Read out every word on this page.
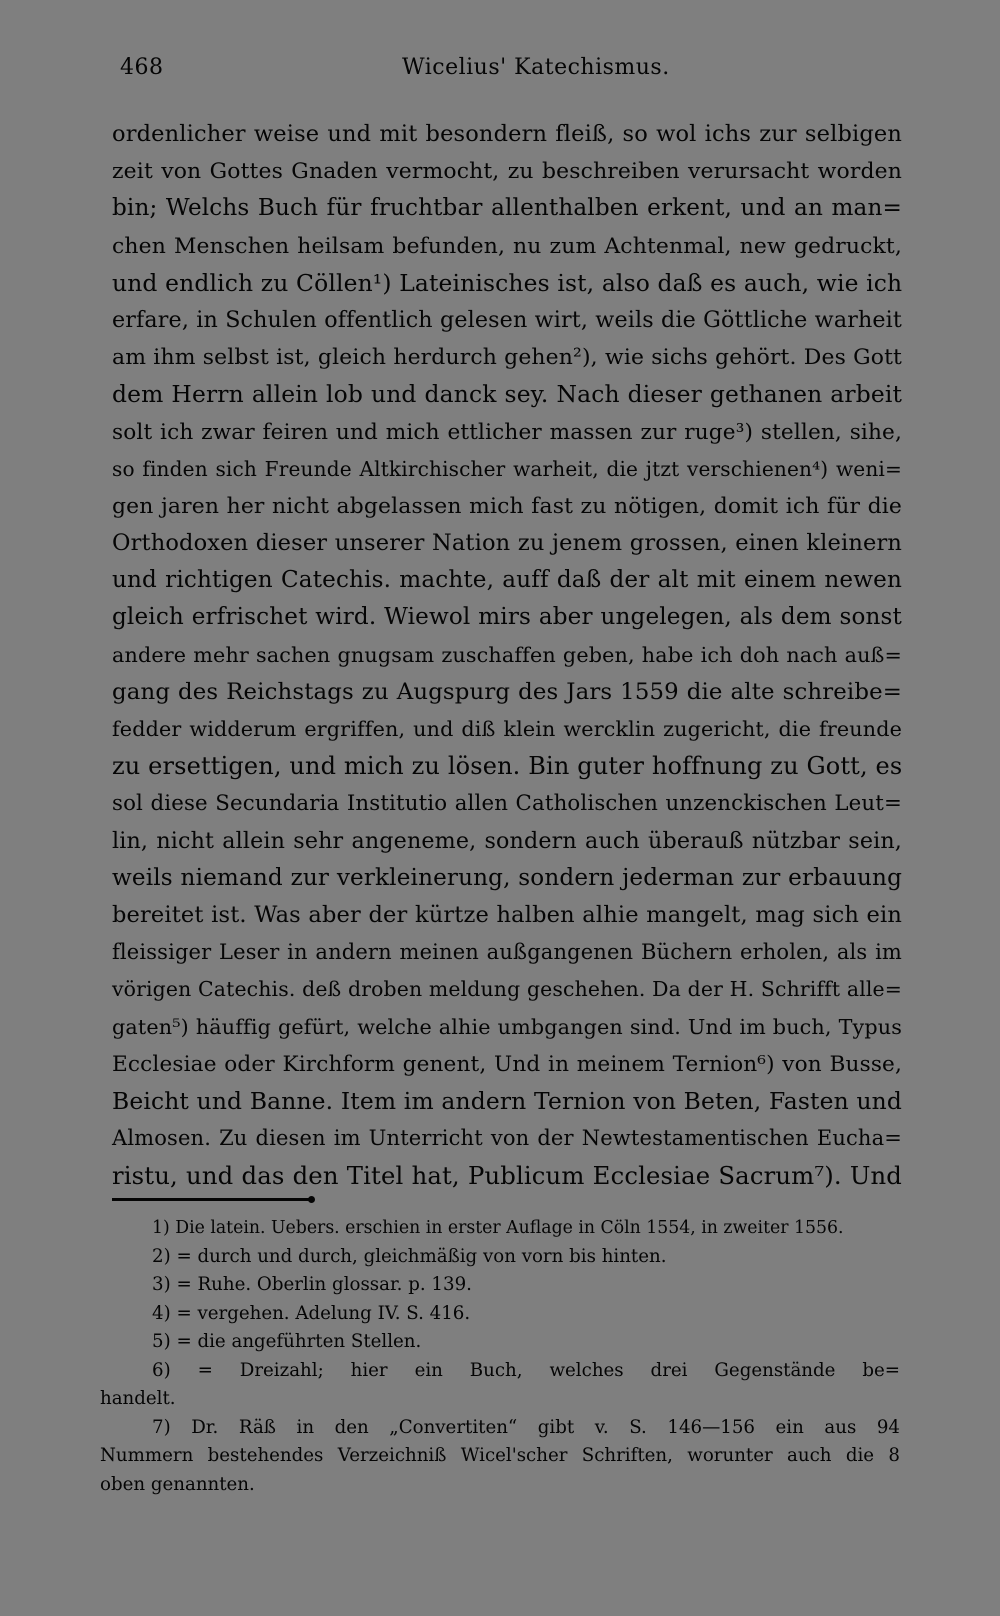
468	Wicelius' Katechismus.
ordenlicher weise und mit besondern fleiß, so wol ichs zur selbigen
zeit von Gottes Gnaden vermocht, zu beschreiben verursacht worden
bin; Welchs Buch für fruchtbar allenthalben erkent, und an man=
chen Menschen heilsam befunden, nu zum Achtenmal, new gedruckt,
und endlich zu Cöllen¹) Lateinisches ist, also daß es auch, wie ich
erfare, in Schulen offentlich gelesen wirt, weils die Göttliche warheit
am ihm selbst ist, gleich herdurch gehen²), wie sichs gehört. Des Gott
dem Herrn allein lob und danck sey. Nach dieser gethanen arbeit
solt ich zwar feiren und mich ettlicher massen zur ruge³) stellen, sihe,
so finden sich Freunde Altkirchischer warheit, die jtzt verschienen⁴) weni=
gen jaren her nicht abgelassen mich fast zu nötigen, domit ich für die
Orthodoxen dieser unserer Nation zu jenem grossen, einen kleinern
und richtigen Catechis. machte, auff daß der alt mit einem newen
gleich erfrischet wird. Wiewol mirs aber ungelegen, als dem sonst
andere mehr sachen gnugsam zuschaffen geben, habe ich doh nach auß=
gang des Reichstags zu Augspurg des Jars 1559 die alte schreibe=
fedder widderum ergriffen, und diß klein wercklin zugericht, die freunde
zu ersettigen, und mich zu lösen. Bin guter hoffnung zu Gott, es
sol diese Secundaria Institutio allen Catholischen unzenckischen Leut=
lin, nicht allein sehr angeneme, sondern auch überauß nützbar sein,
weils niemand zur verkleinerung, sondern jederman zur erbauung
bereitet ist. Was aber der kürtze halben alhie mangelt, mag sich ein
fleissiger Leser in andern meinen außgangenen Büchern erholen, als im
vörigen Catechis. deß droben meldung geschehen. Da der H. Schrifft alle=
gaten⁵) häuffig gefürt, welche alhie umbgangen sind. Und im buch, Typus
Ecclesiae oder Kirchform genent, Und in meinem Ternion⁶) von Busse,
Beicht und Banne. Item im andern Ternion von Beten, Fasten und
Almosen. Zu diesen im Unterricht von der Newtestamentischen Eucha=
ristu, und das den Titel hat, Publicum Ecclesiae Sacrum⁷). Und
1) Die latein. Uebers. erschien in erster Auflage in Cöln 1554, in zweiter 1556.
2) = durch und durch, gleichmäßig von vorn bis hinten.
3) = Ruhe. Oberlin glossar. p. 139.
4) = vergehen. Adelung IV. S. 416.
5) = die angeführten Stellen.
6) = Dreizahl; hier ein Buch, welches drei Gegenstände be=
handelt.
7) Dr. Räß in den „Convertiten“ gibt v. S. 146—156 ein aus 94
Nummern bestehendes Verzeichniß Wicel'scher Schriften, worunter auch die 8
oben genannten.
